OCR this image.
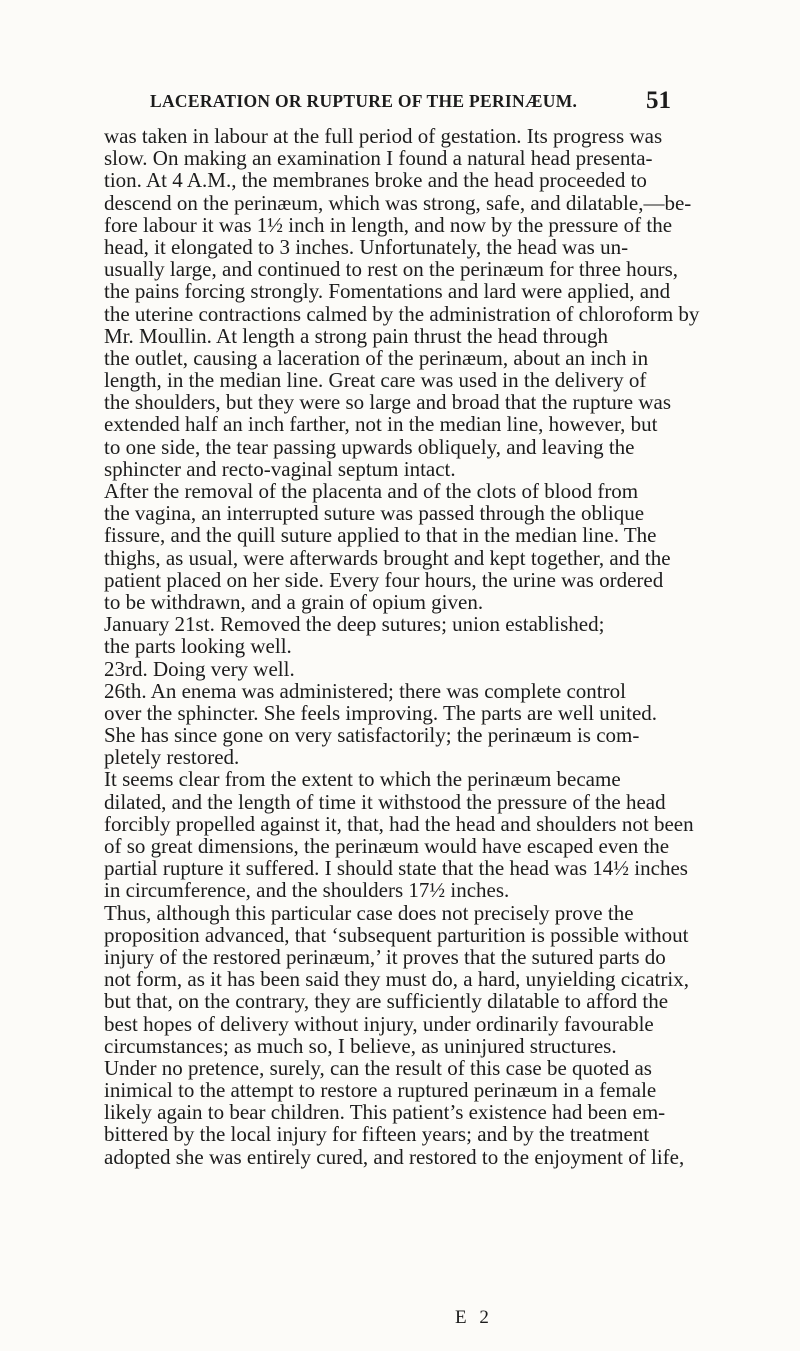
LACERATION OR RUPTURE OF THE PERINÆUM.	51
was taken in labour at the full period of gestation. Its progress was
slow. On making an examination I found a natural head presenta-
tion. At 4 A.M., the membranes broke and the head proceeded to
descend on the perinæum, which was strong, safe, and dilatable,—be-
fore labour it was 1½ inch in length, and now by the pressure of the
head, it elongated to 3 inches. Unfortunately, the head was un-
usually large, and continued to rest on the perinæum for three hours,
the pains forcing strongly. Fomentations and lard were applied, and
the uterine contractions calmed by the administration of chloroform by
Mr. Moullin. At length a strong pain thrust the head through
the outlet, causing a laceration of the perinæum, about an inch in
length, in the median line. Great care was used in the delivery of
the shoulders, but they were so large and broad that the rupture was
extended half an inch farther, not in the median line, however, but
to one side, the tear passing upwards obliquely, and leaving the
sphincter and recto-vaginal septum intact.
After the removal of the placenta and of the clots of blood from
the vagina, an interrupted suture was passed through the oblique
fissure, and the quill suture applied to that in the median line. The
thighs, as usual, were afterwards brought and kept together, and the
patient placed on her side. Every four hours, the urine was ordered
to be withdrawn, and a grain of opium given.
January 21st. Removed the deep sutures; union established;
the parts looking well.
23rd. Doing very well.
26th. An enema was administered; there was complete control
over the sphincter. She feels improving. The parts are well united.
She has since gone on very satisfactorily; the perinæum is com-
pletely restored.
It seems clear from the extent to which the perinæum became
dilated, and the length of time it withstood the pressure of the head
forcibly propelled against it, that, had the head and shoulders not been
of so great dimensions, the perinæum would have escaped even the
partial rupture it suffered. I should state that the head was 14½ inches
in circumference, and the shoulders 17½ inches.
Thus, although this particular case does not precisely prove the
proposition advanced, that ‘subsequent parturition is possible without
injury of the restored perinæum,’ it proves that the sutured parts do
not form, as it has been said they must do, a hard, unyielding cicatrix,
but that, on the contrary, they are sufficiently dilatable to afford the
best hopes of delivery without injury, under ordinarily favourable
circumstances; as much so, I believe, as uninjured structures.
Under no pretence, surely, can the result of this case be quoted as
inimical to the attempt to restore a ruptured perinæum in a female
likely again to bear children. This patient’s existence had been em-
bittered by the local injury for fifteen years; and by the treatment
adopted she was entirely cured, and restored to the enjoyment of life,
E 2
